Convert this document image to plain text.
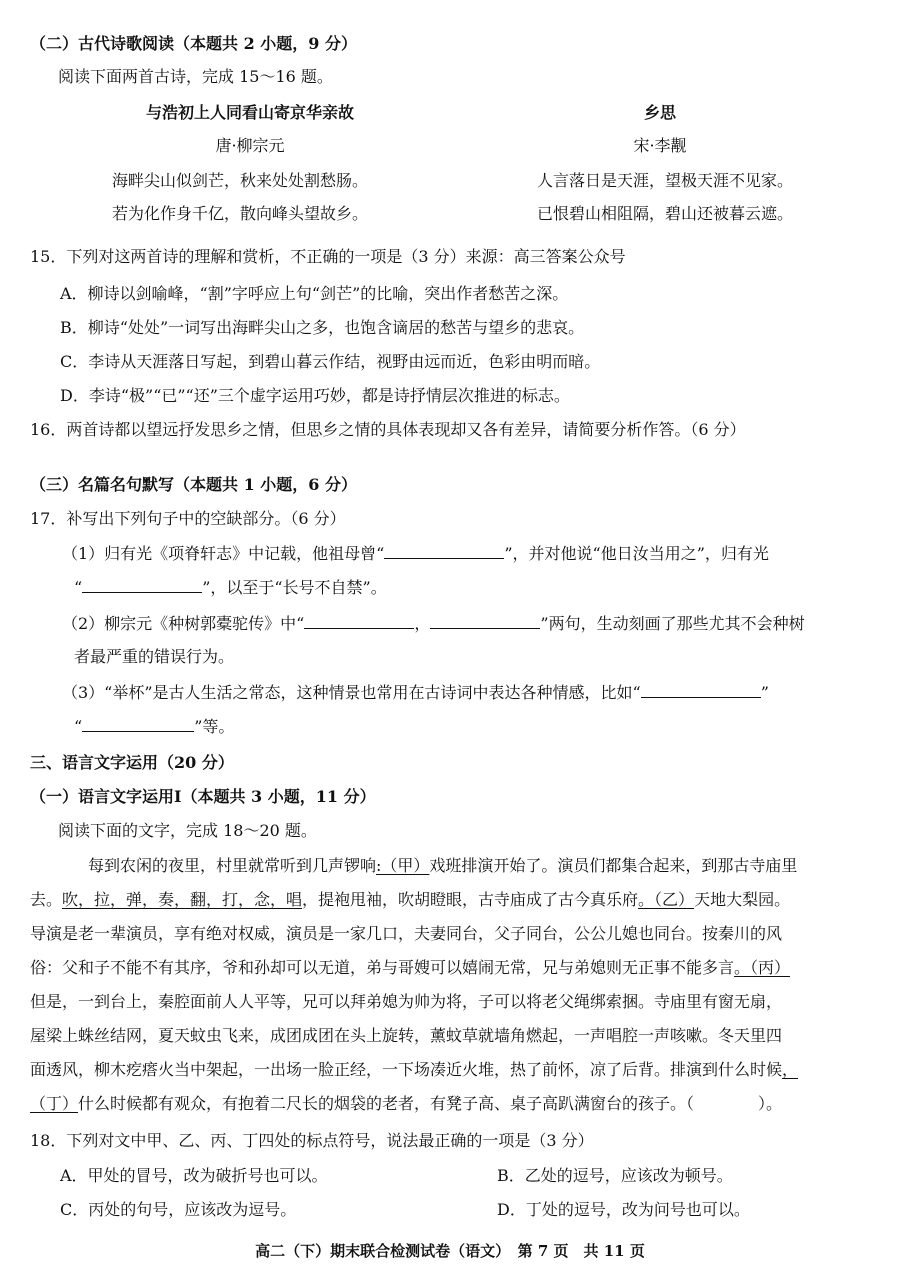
（二）古代诗歌阅读（本题共 2 小题，9 分）
阅读下面两首古诗，完成 15～16 题。
与浩初上人同看山寄京华亲故
唐·柳宗元
海畔尖山似剑芒，秋来处处割愁肠。
若为化作身千亿，散向峰头望故乡。
乡思
宋·李觏
人言落日是天涯，望极天涯不见家。
已恨碧山相阻隔，碧山还被暮云遮。
15．下列对这两首诗的理解和赏析，不正确的一项是（3 分）来源：高三答案公众号
A．柳诗以剑喻峰，“割”字呼应上句“剑芒”的比喻，突出作者愁苦之深。
B．柳诗“处处”一词写出海畔尖山之多，也饱含谪居的愁苦与望乡的悲哀。
C．李诗从天涯落日写起，到碧山暮云作结，视野由远而近，色彩由明而暗。
D．李诗“极”“已”“还”三个虚字运用巧妙，都是诗抒情层次推进的标志。
16．两首诗都以望远抒发思乡之情，但思乡之情的具体表现却又各有差异，请简要分析作答。（6 分）
（三）名篇名句默写（本题共 1 小题，6 分）
17．补写出下列句子中的空缺部分。（6 分）
（1）归有光《项脊轩志》中记载，他祖母曾“	”，并对他说“他日汝当用之”，归有光
“	”，以至于“长号不自禁”。
（2）柳宗元《种树郭橐驼传》中“	，	”两句，生动刻画了那些尤其不会种树
者最严重的错误行为。
（3）“举杯”是古人生活之常态，这种情景也常用在古诗词中表达各种情感，比如“	”
“	”等。
三、语言文字运用（20 分）
（一）语言文字运用Ⅰ（本题共 3 小题，11 分）
阅读下面的文字，完成 18～20 题。
每到农闲的夜里，村里就常听到几声锣响:（甲）戏班排演开始了。演员们都集合起来，到那古寺庙里
去。吹，拉，弹，奏，翻，打，念，唱，提袍甩袖，吹胡瞪眼，古寺庙成了古今真乐府。（乙）天地大梨园。
导演是老一辈演员，享有绝对权威，演员是一家几口，夫妻同台，父子同台，公公儿媳也同台。按秦川的风
俗：父和子不能不有其序，爷和孙却可以无道，弟与哥嫂可以嬉闹无常，兄与弟媳则无正事不能多言。（丙）
但是，一到台上，秦腔面前人人平等，兄可以拜弟媳为帅为将，子可以将老父绳绑索捆。寺庙里有窗无扇，
屋梁上蛛丝结网，夏天蚊虫飞来，成团成团在头上旋转，薰蚊草就墙角燃起，一声唱腔一声咳嗽。冬天里四
面透风，柳木疙瘩火当中架起，一出场一脸正经，一下场凑近火堆，热了前怀，凉了后背。排演到什么时候，
（丁）什么时候都有观众，有抱着二尺长的烟袋的老者，有凳子高、桌子高趴满窗台的孩子。（　　　　）。
18．下列对文中甲、乙、丙、丁四处的标点符号，说法最正确的一项是（3 分）
A．甲处的冒号，改为破折号也可以。	B．乙处的逗号，应该改为顿号。
C．丙处的句号，应该改为逗号。	D．丁处的逗号，改为问号也可以。
高二（下）期末联合检测试卷（语文）　第 7 页　共 11 页
